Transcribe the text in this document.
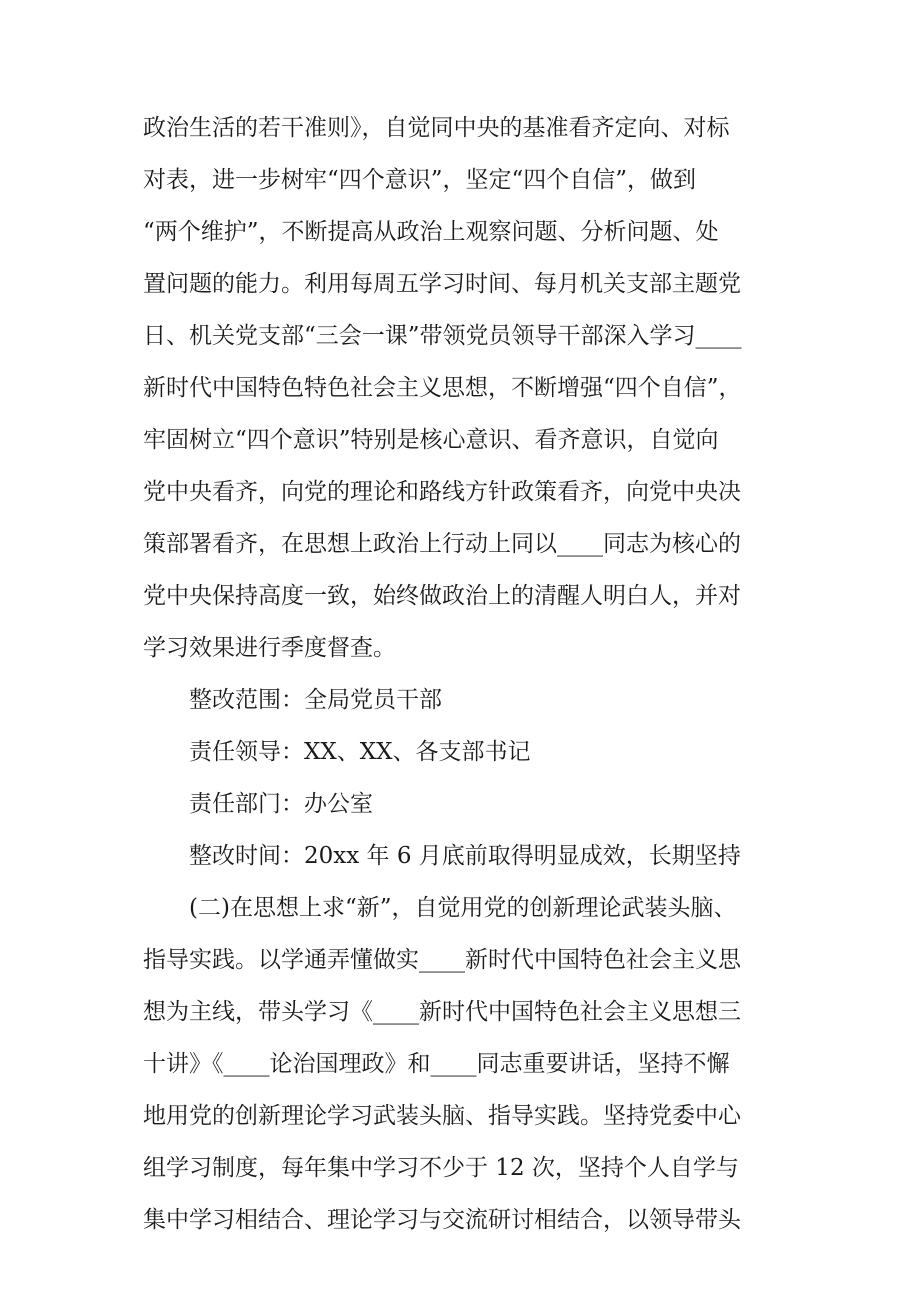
政治生活的若干准则》，自觉同中央的基准看齐定向、对标
对表，进一步树牢“四个意识”，坚定“四个自信”，做到
“两个维护”，不断提高从政治上观察问题、分析问题、处
置问题的能力。利用每周五学习时间、每月机关支部主题党
日、机关党支部“三会一课”带领党员领导干部深入学习____
新时代中国特色特色社会主义思想，不断增强“四个自信”，
牢固树立“四个意识”特别是核心意识、看齐意识，自觉向
党中央看齐，向党的理论和路线方针政策看齐，向党中央决
策部署看齐，在思想上政治上行动上同以____同志为核心的
党中央保持高度一致，始终做政治上的清醒人明白人，并对
学习效果进行季度督查。
整改范围：全局党员干部
责任领导：XX、XX、各支部书记
责任部门：办公室
整改时间：20xx 年 6 月底前取得明显成效，长期坚持
(二)在思想上求“新”，自觉用党的创新理论武装头脑、
指导实践。以学通弄懂做实____新时代中国特色社会主义思
想为主线，带头学习《____新时代中国特色社会主义思想三
十讲》《____论治国理政》和____同志重要讲话，坚持不懈
地用党的创新理论学习武装头脑、指导实践。坚持党委中心
组学习制度，每年集中学习不少于 12 次，坚持个人自学与
集中学习相结合、理论学习与交流研讨相结合，以领导带头
